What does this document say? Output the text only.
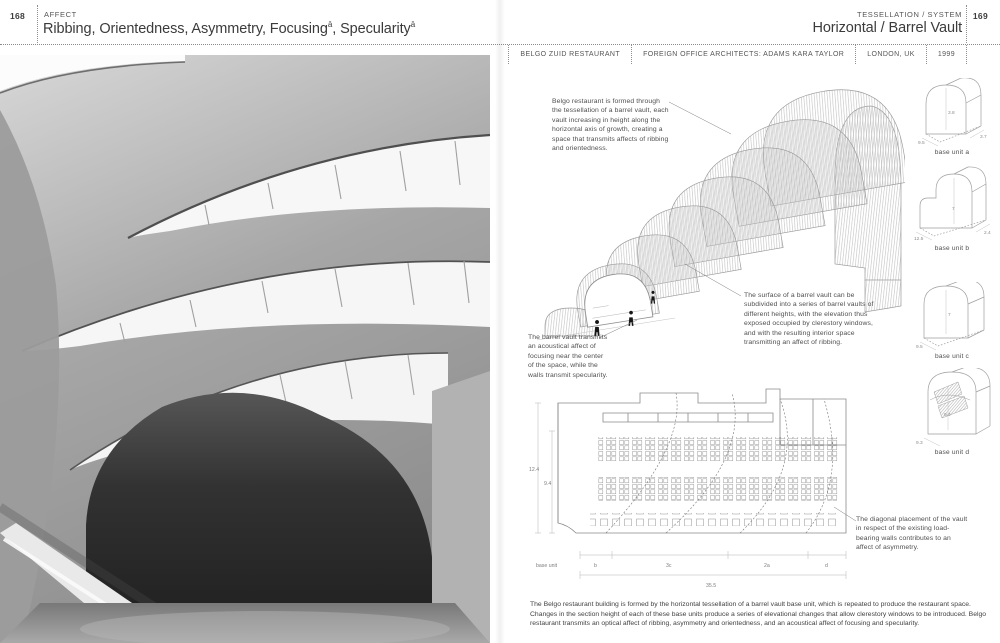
168	AFFECT
Ribbing, Orientedness, Asymmetry, Focusing$^ā$, Specularity$^ā$
TESSELLATION / SYSTEM 169
Horizontal / Barrel Vault
BELGO ZUID RESTAURANT	FOREIGN OFFICE ARCHITECTS: ADAMS KARA TAYLOR	LONDON, UK	1999
Belgo restaurant is formed through the tessellation of a barrel vault, each vault increasing in height along the horizontal axis of growth, creating a space that transmits affects of ribbing and orientedness.
The surface of a barrel vault can be subdivided into a series of barrel vaults of different heights, with the elevation thus exposed occupied by clerestory windows, and with the resulting interior space transmitting an affect of ribbing.
The barrel vault transmits an acoustical affect of focusing near the center of the space, while the walls transmit specularity.
The diagonal placement of the vault in respect of the existing load-bearing walls contributes to an affect of asymmetry.
3.8
9.5
3.7
base unit a
7
12.5
2.4
base unit b
7
9.5
base unit c
9.4
9.3
base unit d
12.4
9.4
base unit	b	3c	2a	d
35.5
The Belgo restaurant building is formed by the horizontal tessellation of a barrel vault base unit, which is repeated to produce the restaurant space. Changes in the section height of each of these base units produce a series of elevational changes that allow clerestory windows to be introduced. Belgo restaurant transmits an optical affect of ribbing, asymmetry and orientedness, and an acoustical affect of focusing and specularity.
